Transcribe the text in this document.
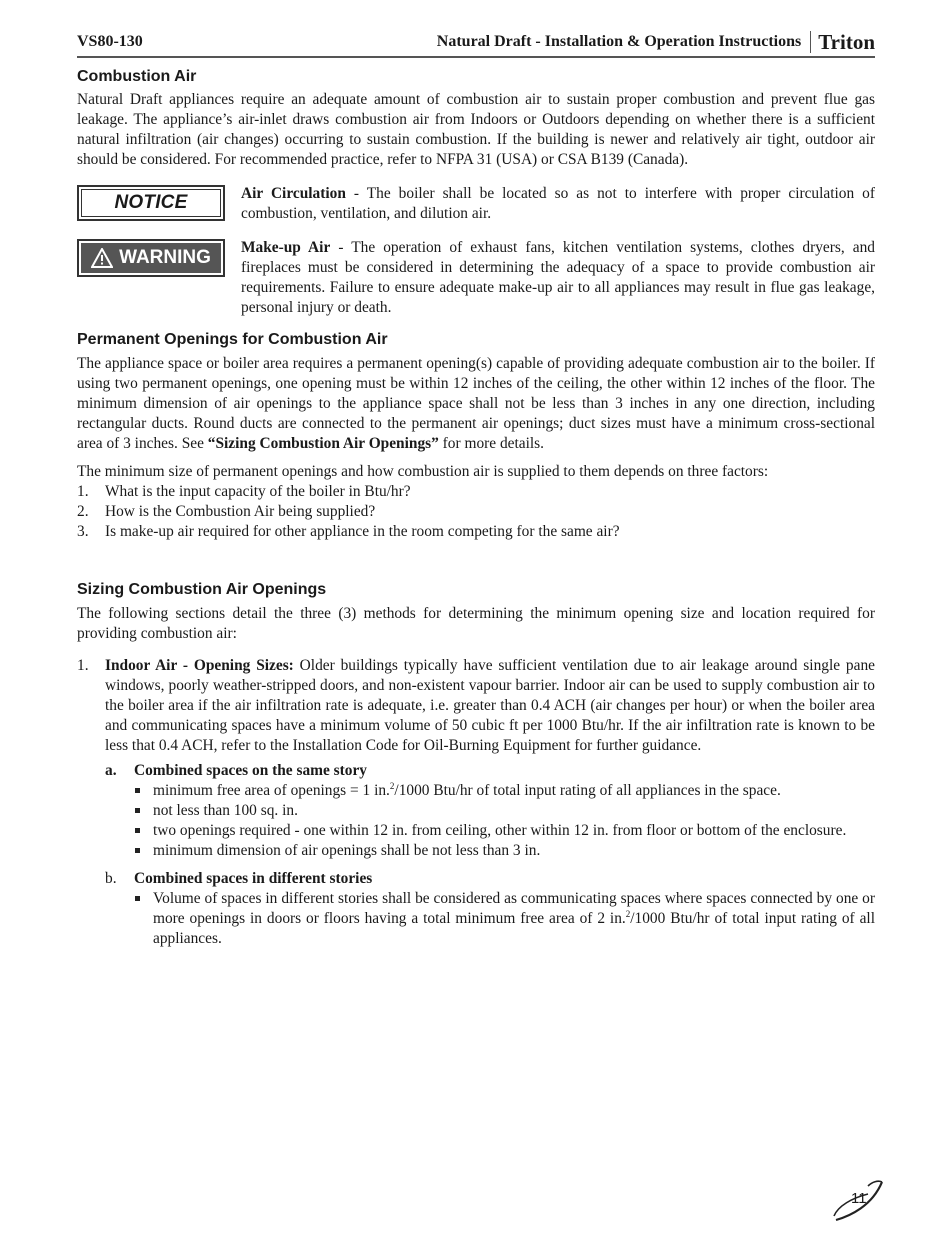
VS80-130	Natural Draft - Installation & Operation Instructions Triton
Combustion Air

Natural Draft appliances require an adequate amount of combustion air to sustain proper combustion and prevent flue gas leakage. The appliance’s air-inlet draws combustion air from Indoors or Outdoors depending on whether there is a sufficient natural infiltration (air changes) occurring to sustain combustion. If the building is newer and relatively air tight, outdoor air should be considered. For recommended practice, refer to NFPA 31 (USA) or CSA B139 (Canada).

NOTICE	Air Circulation - The boiler shall be located so as not to interfere with proper circulation of combustion, ventilation, and dilution air.
WARNING Make-up Air - The operation of exhaust fans, kitchen ventilation systems, clothes dryers, and fireplaces must be considered in determining the adequacy of a space to provide combustion air requirements. Failure to ensure adequate make-up air to all appliances may result in flue gas leakage, personal injury or death.
Permanent Openings for Combustion Air

The appliance space or boiler area requires a permanent opening(s) capable of providing adequate combustion air to the boiler. If using two permanent openings, one opening must be within 12 inches of the ceiling, the other within 12 inches of the floor. The minimum dimension of air openings to the appliance space shall not be less than 3 inches in any one direction, including rectangular ducts. Round ducts are connected to the permanent air openings; duct sizes must have a minimum cross-sectional area of 3 inches. See “Sizing Combustion Air Openings” for more details.

The minimum size of permanent openings and how combustion air is supplied to them depends on three factors:

1.	What is the input capacity of the boiler in Btu/hr?
2.	How is the Combustion Air being supplied?
3.	Is make-up air required for other appliance in the room competing for the same air?
Sizing Combustion Air Openings

The following sections detail the three (3) methods for determining the minimum opening size and location required for providing combustion air:

1.	Indoor Air - Opening Sizes: Older buildings typically have sufficient ventilation due to air leakage around single pane windows, poorly weather-stripped doors, and non-existent vapour barrier. Indoor air can be used to supply combustion air to the boiler area if the air infiltration rate is adequate, i.e. greater than 0.4 ACH (air changes per hour) or when the boiler area and communicating spaces have a minimum volume of 50 cubic ft per 1000 Btu/hr. If the air infiltration rate is known to be less that 0.4 ACH, refer to the Installation Code for Oil-Burning Equipment for further guidance.

a.	Combined spaces on the same story
minimum free area of openings = 1 in.$^2$/1000 Btu/hr of total input rating of all appliances in the space.
not less than 100 sq. in.
two openings required - one within 12 in. from ceiling, other within 12 in. from floor or bottom of the enclosure.
minimum dimension of air openings shall be not less than 3 in.
b.	Combined spaces in different stories
Volume of spaces in different stories shall be considered as communicating spaces where spaces connected by one or more openings in doors or floors having a total minimum free area of 2 in.$^2$/1000 Btu/hr of total input rating of all appliances.
11
